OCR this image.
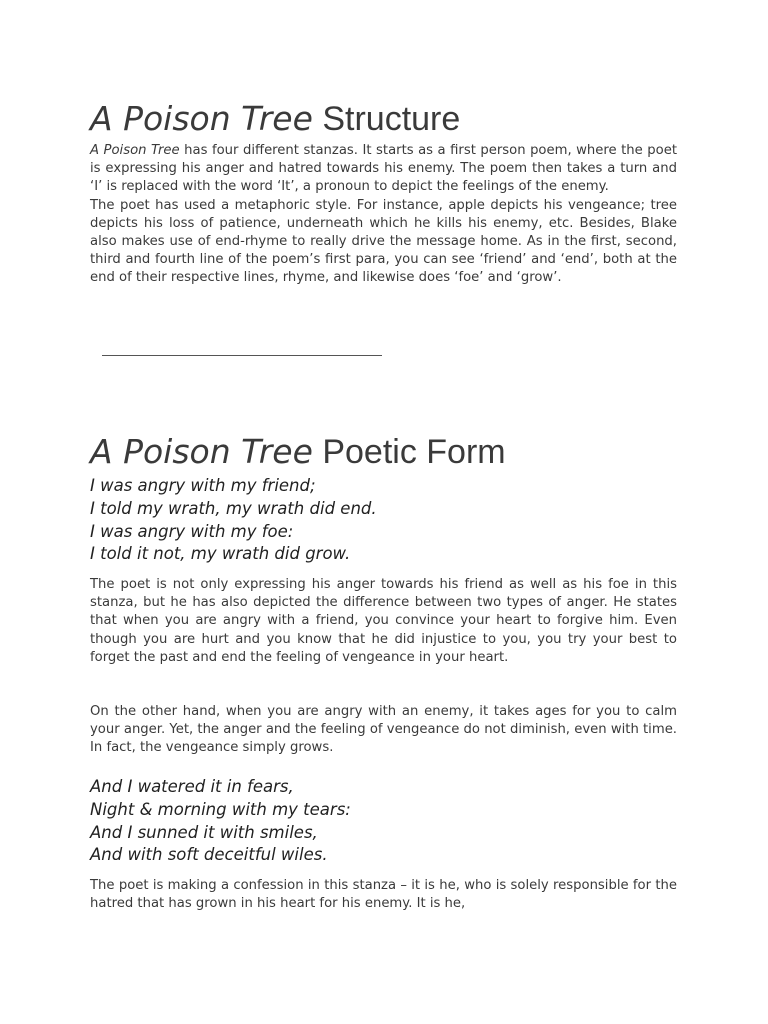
A Poison Tree Structure

A Poison Tree has four different stanzas. It starts as a first person poem, where the poet is expressing his anger and hatred towards his enemy. The poem then takes a turn and ‘I’ is replaced with the word ‘It’, a pronoun to depict the feelings of the enemy.

The poet has used a metaphoric style. For instance, apple depicts his vengeance; tree depicts his loss of patience, underneath which he kills his enemy, etc. Besides, Blake also makes use of end-rhyme to really drive the message home. As in the first, second, third and fourth line of the poem’s first para, you can see ‘friend’ and ‘end’, both at the end of their respective lines, rhyme, and likewise does ‘foe’ and ‘grow’.

A Poison Tree Poetic Form

I was angry with my friend;

I told my wrath, my wrath did end.

I was angry with my foe:

I told it not, my wrath did grow.

The poet is not only expressing his anger towards his friend as well as his foe in this stanza, but he has also depicted the difference between two types of anger. He states that when you are angry with a friend, you convince your heart to forgive him. Even though you are hurt and you know that he did injustice to you, you try your best to forget the past and end the feeling of vengeance in your heart.

On the other hand, when you are angry with an enemy, it takes ages for you to calm your anger. Yet, the anger and the feeling of vengeance do not diminish, even with time. In fact, the vengeance simply grows.

And I watered it in fears,

Night & morning with my tears:

And I sunned it with smiles,

And with soft deceitful wiles.

The poet is making a confession in this stanza – it is he, who is solely responsible for the hatred that has grown in his heart for his enemy. It is he,
